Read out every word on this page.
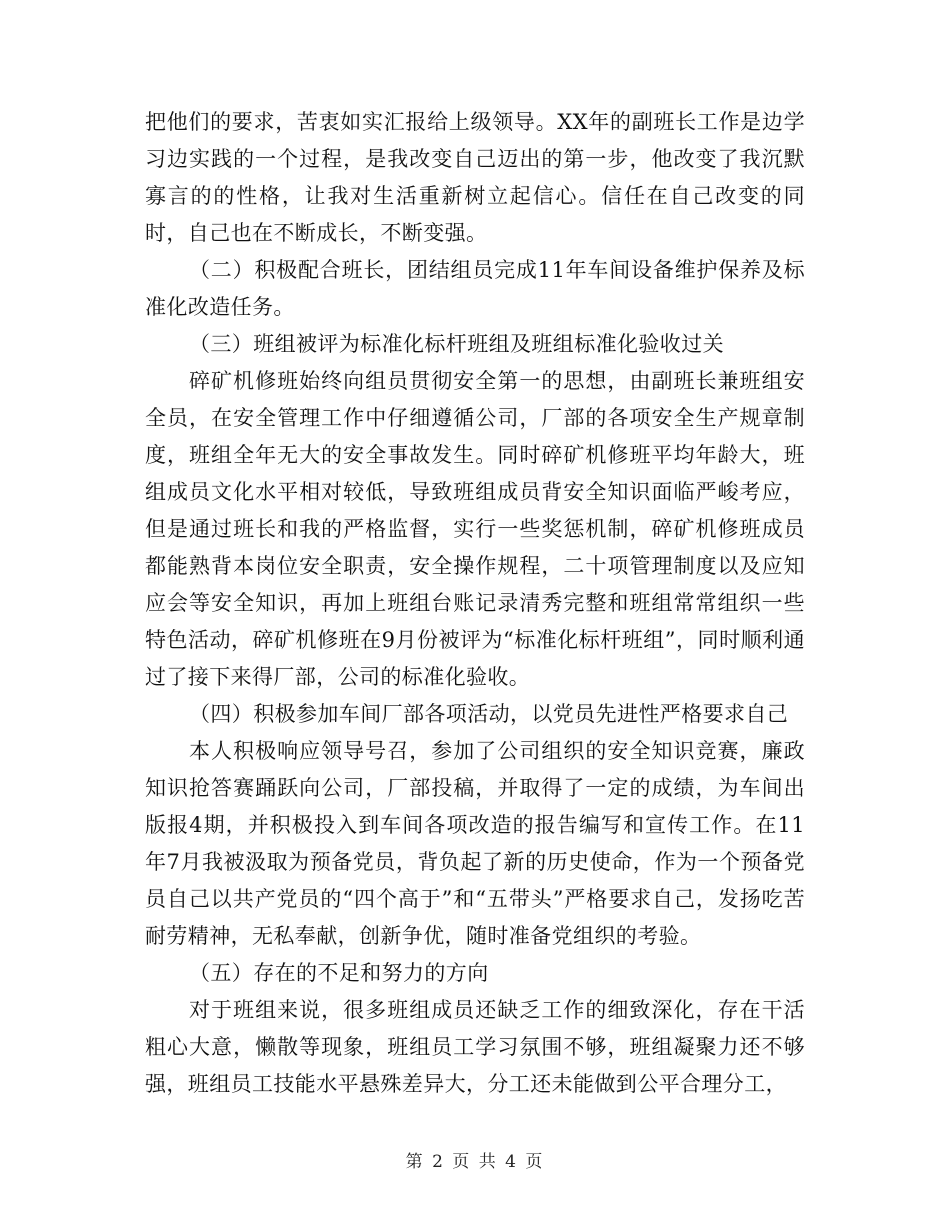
把他们的要求，苦衷如实汇报给上级领导。XX年的副班长工作是边学习边实践的一个过程，是我改变自己迈出的第一步，他改变了我沉默寡言的的性格，让我对生活重新树立起信心。信任在自己改变的同时，自己也在不断成长，不断变强。

（二）积极配合班长，团结组员完成11年车间设备维护保养及标准化改造任务。

（三）班组被评为标准化标杆班组及班组标准化验收过关

碎矿机修班始终向组员贯彻安全第一的思想，由副班长兼班组安全员，在安全管理工作中仔细遵循公司，厂部的各项安全生产规章制度，班组全年无大的安全事故发生。同时碎矿机修班平均年龄大，班组成员文化水平相对较低，导致班组成员背安全知识面临严峻考应，但是通过班长和我的严格监督，实行一些奖惩机制，碎矿机修班成员都能熟背本岗位安全职责，安全操作规程，二十项管理制度以及应知应会等安全知识，再加上班组台账记录清秀完整和班组常常组织一些特色活动，碎矿机修班在9月份被评为“标准化标杆班组”，同时顺利通过了接下来得厂部，公司的标准化验收。

（四）积极参加车间厂部各项活动，以党员先进性严格要求自己

本人积极响应领导号召，参加了公司组织的安全知识竞赛，廉政知识抢答赛踊跃向公司，厂部投稿，并取得了一定的成绩，为车间出版报4期，并积极投入到车间各项改造的报告编写和宣传工作。在11年7月我被汲取为预备党员，背负起了新的历史使命，作为一个预备党员自己以共产党员的“四个高于”和“五带头”严格要求自己，发扬吃苦耐劳精神，无私奉献，创新争优，随时准备党组织的考验。

（五）存在的不足和努力的方向

对于班组来说，很多班组成员还缺乏工作的细致深化，存在干活粗心大意，懒散等现象，班组员工学习氛围不够，班组凝聚力还不够强，班组员工技能水平悬殊差异大，分工还未能做到公平合理分工，

第 2 页 共 4 页
